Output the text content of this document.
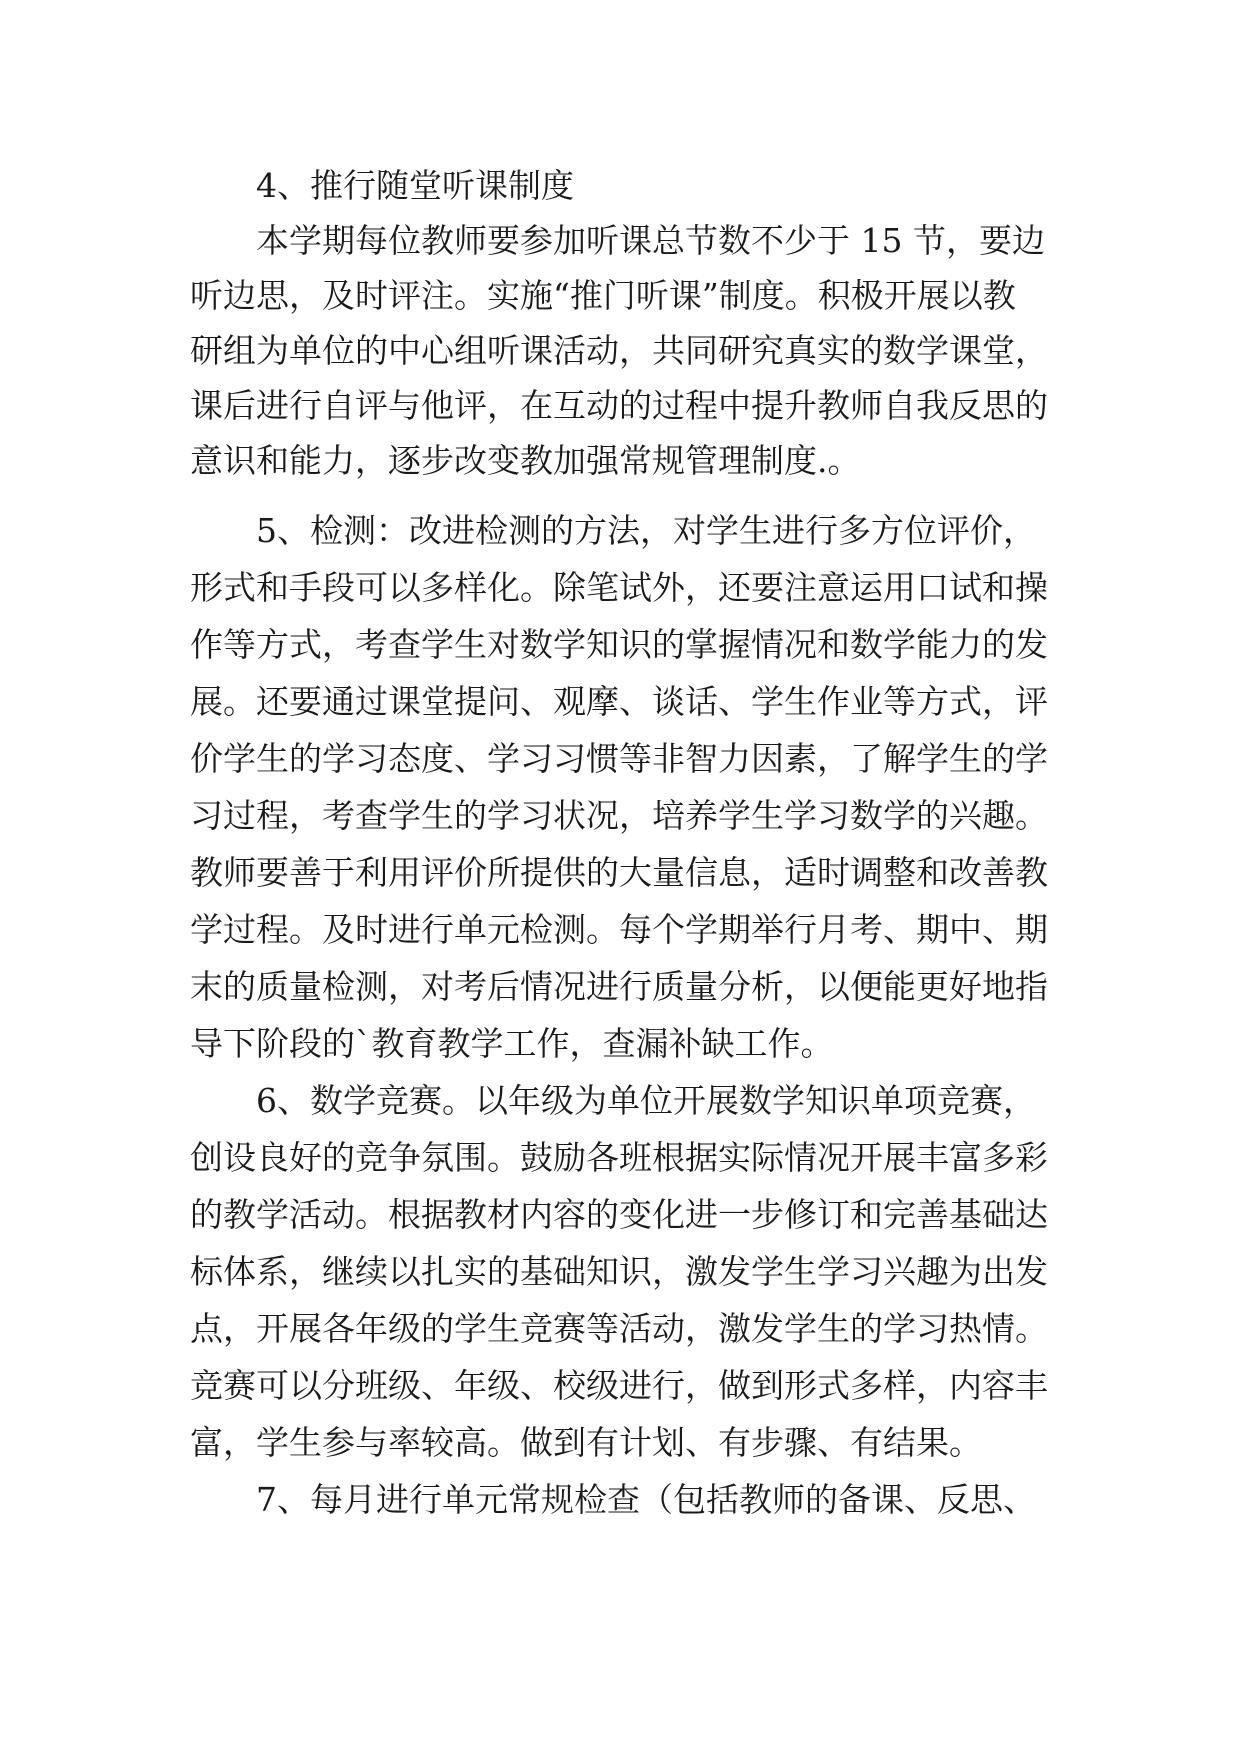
4、推行随堂听课制度

本学期每位教师要参加听课总节数不少于 15 节，要边

听边思，及时评注。实施“推门听课”制度。积极开展以教

研组为单位的中心组听课活动，共同研究真实的数学课堂，

课后进行自评与他评，在互动的过程中提升教师自我反思的

意识和能力，逐步改变教加强常规管理制度.。

5、检测：改进检测的方法，对学生进行多方位评价，

形式和手段可以多样化。除笔试外，还要注意运用口试和操

作等方式，考查学生对数学知识的掌握情况和数学能力的发

展。还要通过课堂提问、观摩、谈话、学生作业等方式，评

价学生的学习态度、学习习惯等非智力因素，了解学生的学

习过程，考查学生的学习状况，培养学生学习数学的兴趣。

教师要善于利用评价所提供的大量信息，适时调整和改善教

学过程。及时进行单元检测。每个学期举行月考、期中、期

末的质量检测，对考后情况进行质量分析，以便能更好地指

导下阶段的`教育教学工作，查漏补缺工作。

6、数学竞赛。以年级为单位开展数学知识单项竞赛，

创设良好的竞争氛围。鼓励各班根据实际情况开展丰富多彩

的教学活动。根据教材内容的变化进一步修订和完善基础达

标体系，继续以扎实的基础知识，激发学生学习兴趣为出发

点，开展各年级的学生竞赛等活动，激发学生的学习热情。

竞赛可以分班级、年级、校级进行，做到形式多样，内容丰

富，学生参与率较高。做到有计划、有步骤、有结果。

7、每月进行单元常规检查（包括教师的备课、反思、
